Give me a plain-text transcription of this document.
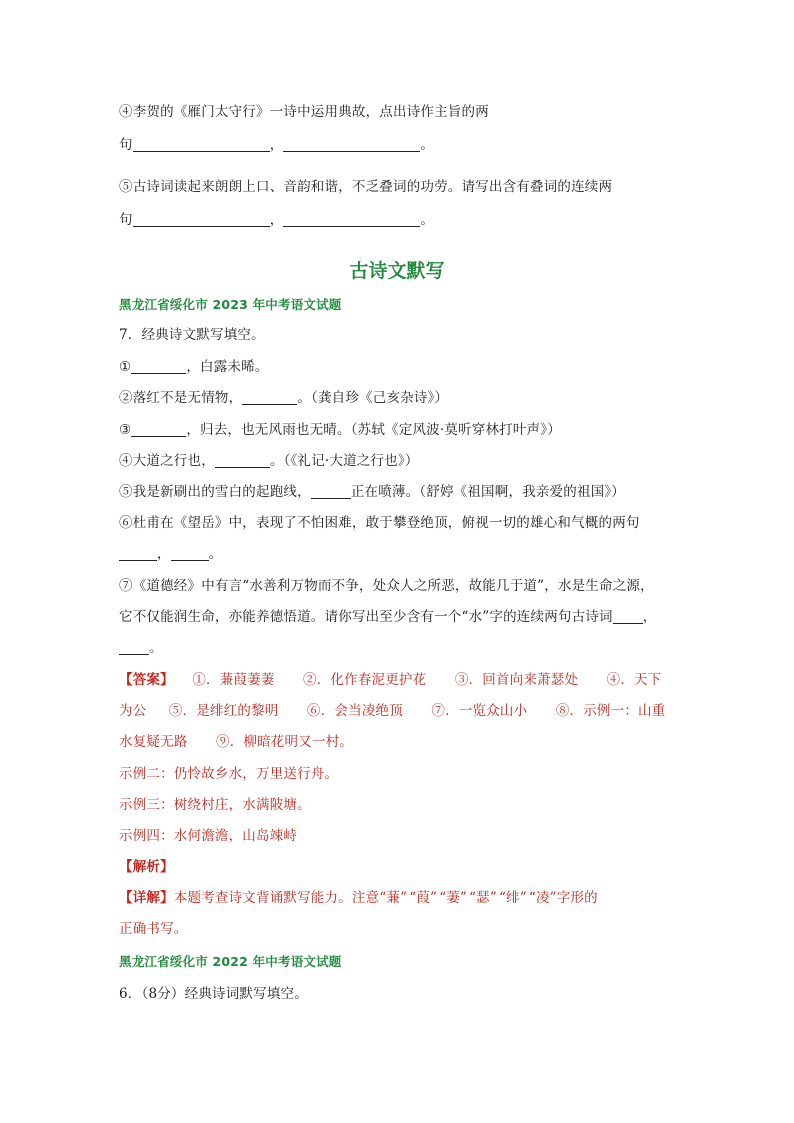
④李贺的《雁门太守行》一诗中运用典故，点出诗作主旨的两
句	，	。
⑤古诗词读起来朗朗上口、音韵和谐，不乏叠词的功劳。请写出含有叠词的连续两
句	，	。
古诗文默写
黑龙江省绥化市 2023 年中考语文试题
7．经典诗文默写填空。
①	，白露未晞。
②落红不是无情物，	。（龚自珍《己亥杂诗》）
③	，归去，也无风雨也无晴。（苏轼《定风波·莫听穿林打叶声》）
④大道之行也，	。（《礼记·大道之行也》）
⑤我是新刷出的雪白的起跑线，	正在喷薄。（舒婷《祖国啊，我亲爱的祖国》）
⑥杜甫在《望岳》中，表现了不怕困难，敢于攀登绝顶，俯视一切的雄心和气概的两句
，	。
⑦《道德经》中有言“水善利万物而不争，处众人之所恶，故能几于道”，水是生命之源，
它不仅能润生命，亦能养德悟道。请你写出至少含有一个“水”字的连续两句古诗词 ，
。
【答案】 ①．蒹葭萋萋 ②．化作春泥更护花 ③．回首向来萧瑟处 ④．天下
为公 ⑤．是绯红的黎明 ⑥．会当凌绝顶 ⑦．一览众山小 ⑧．示例一：山重
水复疑无路 ⑨．柳暗花明又一村。
示例二：仍怜故乡水，万里送行舟。
示例三：树绕村庄，水满陂塘。
示例四：水何澹澹，山岛竦峙
【解析】
【详解】本题考查诗文背诵默写能力。注意“蒹” “葭” “萋” “瑟” “绯” “凌”字形的
正确书写。
黑龙江省绥化市 2022 年中考语文试题
6．（8分）经典诗词默写填空。
